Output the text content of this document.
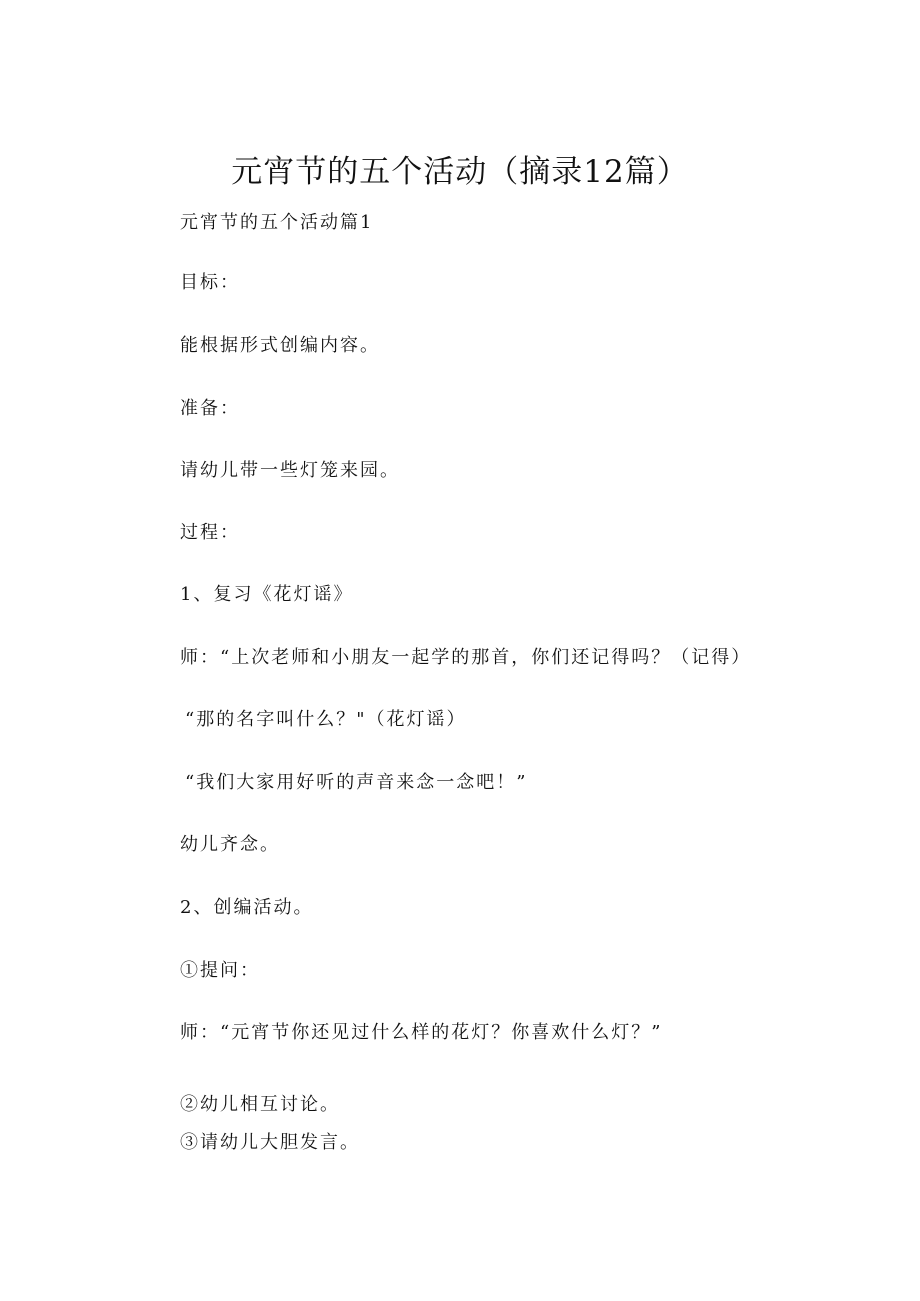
元宵节的五个活动（摘录12篇）
元宵节的五个活动篇1
目标：
能根据形式创编内容。
准备：
请幼儿带一些灯笼来园。
过程：
1、复习《花灯谣》
师：“上次老师和小朋友一起学的那首，你们还记得吗？（记得）
“那的名字叫什么？"（花灯谣）
“我们大家用好听的声音来念一念吧！”
幼儿齐念。
2、创编活动。
①提问：
师：“元宵节你还见过什么样的花灯？你喜欢什么灯？”
②幼儿相互讨论。
③请幼儿大胆发言。
